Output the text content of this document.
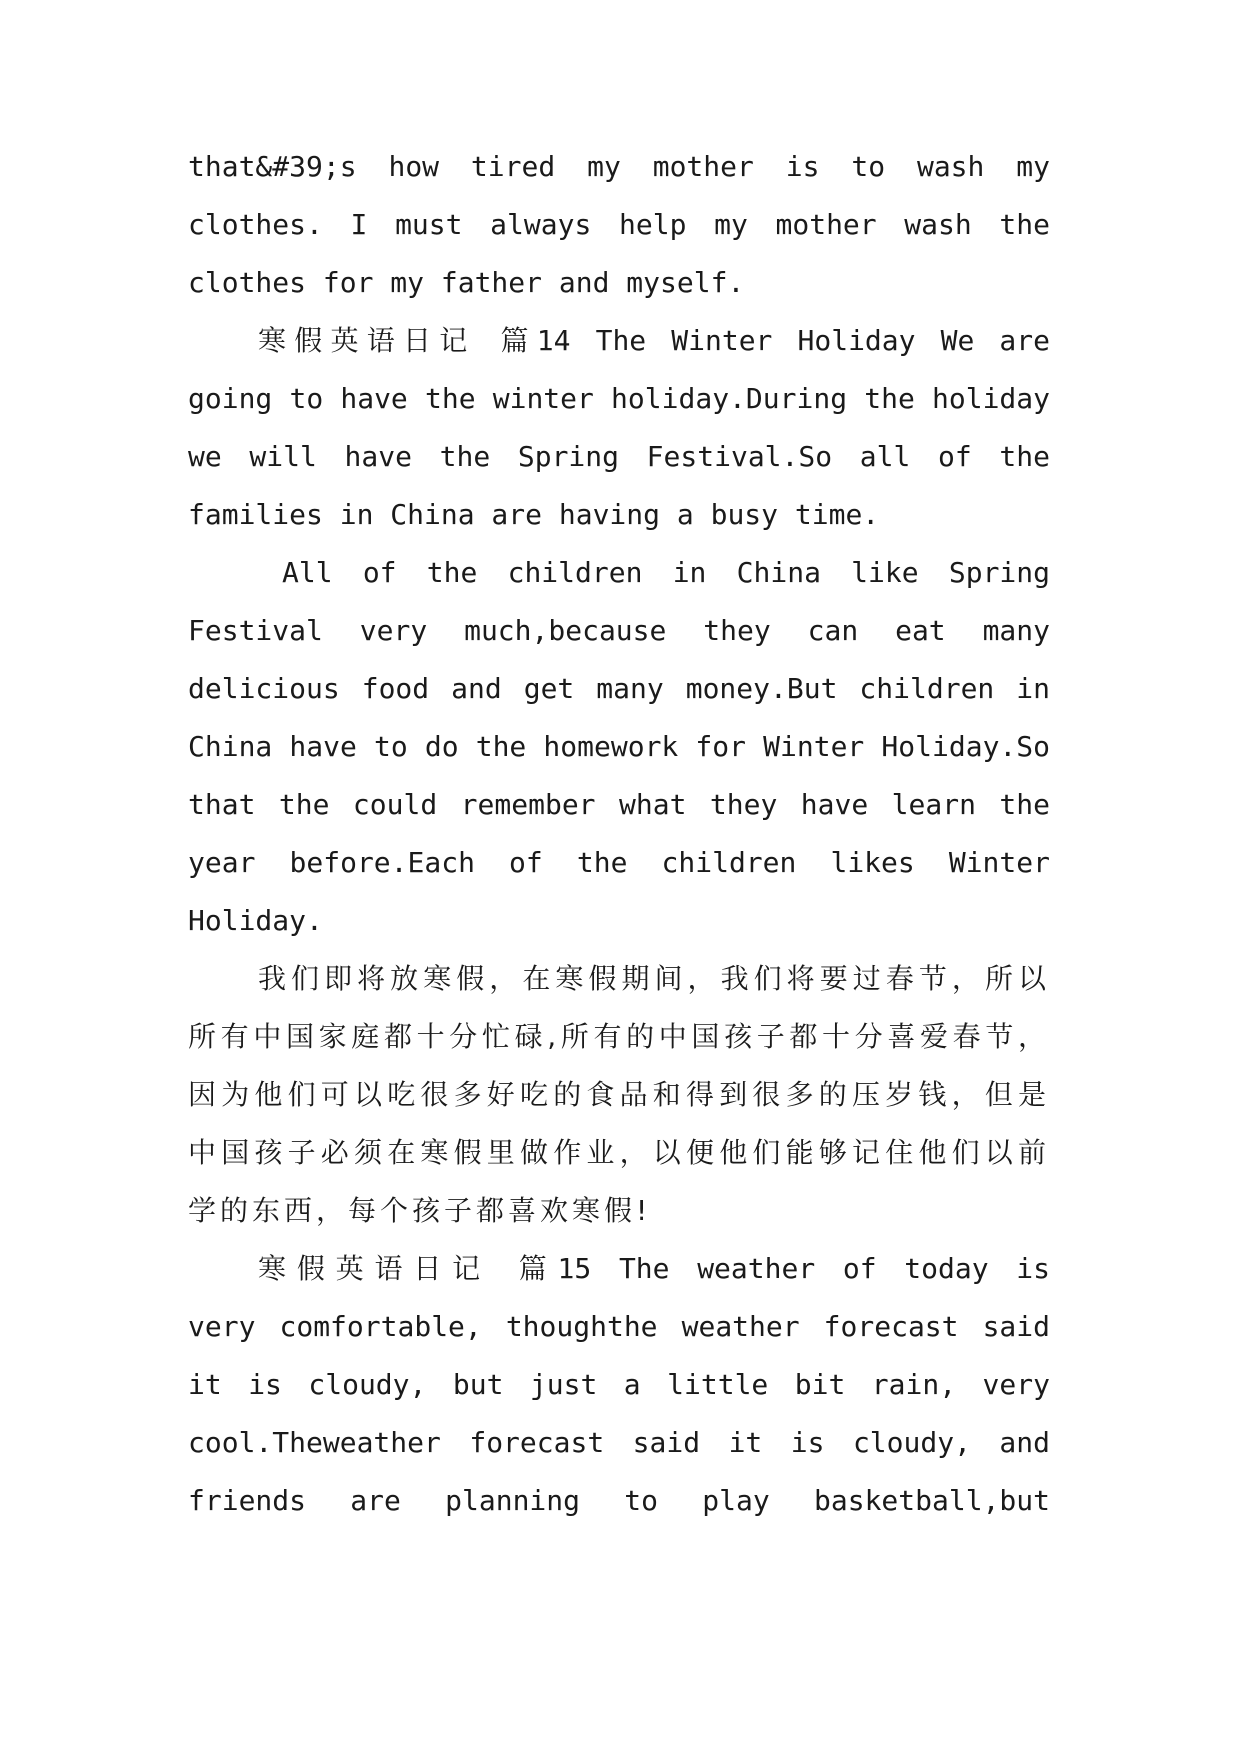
that&#39;s how tired my mother is to wash my
clothes. I must always help my mother wash the
clothes for my father and myself.
寒假英语日记 篇14 The Winter Holiday We are
going to have the winter holiday.During the holiday
we will have the Spring Festival.So all of the
families in China are having a busy time.
All of the children in China like Spring
Festival very much,because they can eat many
delicious food and get many money.But children in
China have to do the homework for Winter Holiday.So
that the could remember what they have learn the
year before.Each of the children likes Winter
Holiday.
我们即将放寒假，在寒假期间，我们将要过春节，所以
所有中国家庭都十分忙碌,所有的中国孩子都十分喜爱春节，
因为他们可以吃很多好吃的食品和得到很多的压岁钱，但是
中国孩子必须在寒假里做作业，以便他们能够记住他们以前
学的东西，每个孩子都喜欢寒假!
寒假英语日记 篇15 The weather of today is
very comfortable, thoughthe weather forecast said
it is cloudy, but just a little bit rain, very
cool.Theweather forecast said it is cloudy, and
friends are planning to play basketball,but
